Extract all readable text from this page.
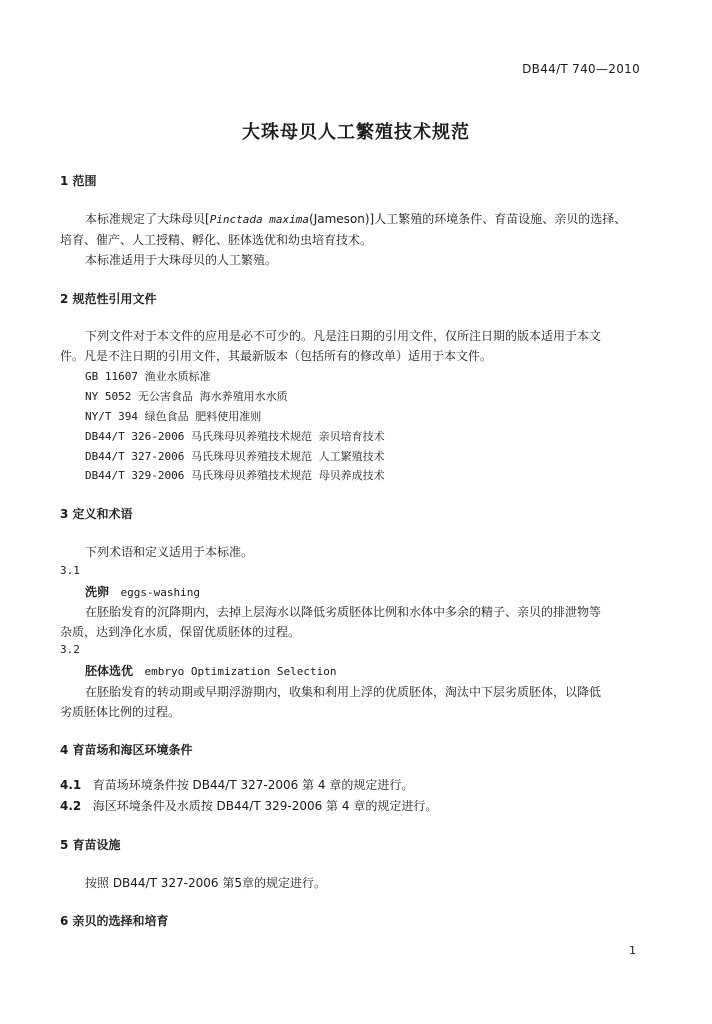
DB44/T 740—2010
大珠母贝人工繁殖技术规范
1 范围
本标准规定了大珠母贝[Pinctada maxima(Jameson)]人工繁殖的环境条件、育苗设施、亲贝的选择、
培育、催产、人工授精、孵化、胚体选优和幼虫培育技术。
本标准适用于大珠母贝的人工繁殖。
2 规范性引用文件
下列文件对于本文件的应用是必不可少的。凡是注日期的引用文件，仅所注日期的版本适用于本文
件。凡是不注日期的引用文件，其最新版本（包括所有的修改单）适用于本文件。
GB 11607 渔业水质标准
NY 5052 无公害食品 海水养殖用水水质
NY/T 394 绿色食品 肥料使用准则
DB44/T 326-2006 马氏珠母贝养殖技术规范 亲贝培育技术
DB44/T 327-2006 马氏珠母贝养殖技术规范 人工繁殖技术
DB44/T 329-2006 马氏珠母贝养殖技术规范 母贝养成技术
3 定义和术语
下列术语和定义适用于本标准。
3.1
洗卵 eggs-washing
在胚胎发育的沉降期内，去掉上层海水以降低劣质胚体比例和水体中多余的精子、亲贝的排泄物等
杂质，达到净化水质，保留优质胚体的过程。
3.2
胚体选优 embryo Optimization Selection
在胚胎发育的转动期或早期浮游期内，收集和利用上浮的优质胚体，淘汰中下层劣质胚体，以降低
劣质胚体比例的过程。
4 育苗场和海区环境条件
4.1 育苗场环境条件按 DB44/T 327-2006 第 4 章的规定进行。
4.2 海区环境条件及水质按 DB44/T 329-2006 第 4 章的规定进行。
5 育苗设施
按照 DB44/T 327-2006 第5章的规定进行。
6 亲贝的选择和培育
1
